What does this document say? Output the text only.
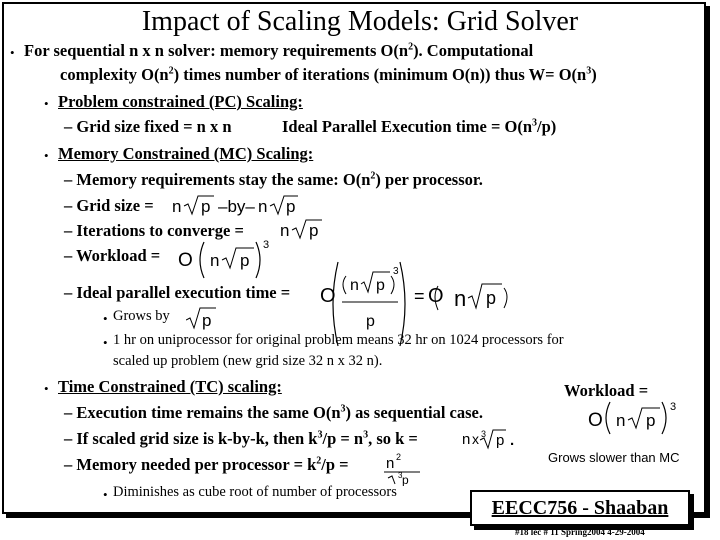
Impact of Scaling Models: Grid Solver
• For sequential n x n solver: memory requirements $O(n^2)$. Computational
complexity $O(n^2)$ times number of iterations (minimum O(n)) thus $W= O(n^3)$
• Problem constrained (PC) Scaling:
– Grid size fixed = n x n	Ideal Parallel Execution time = $O(n^3/p)$
• Memory Constrained (MC) Scaling:
– Memory requirements stay the same: $O(n^2)$ per processor.
– Grid size = n p –by– n p
– Iterations to converge = n p
– Workload = O n p
3
– Ideal parallel execution time = O n p
3
p
= O n p
• Grows by p
• 1 hr on uniprocessor for original problem means 32 hr on 1024 processors for
scaled up problem (new grid size 32 n x 32 n).
• Time Constrained (TC) scaling:	Workload =
O n p
3
– Execution time remains the same $O(n^3)$ as sequential case.
– If scaled grid size is k-by-k, then $k^3/p = n^3$, so k =	n x 3 p .
– Memory needed per processor = $k^2/p = n$ 2
p
3
Grows slower than MC
• Diminishes as cube root of number of processors
EECC756 - Shaaban
#18 lec # 11 Spring2004 4-29-2004
